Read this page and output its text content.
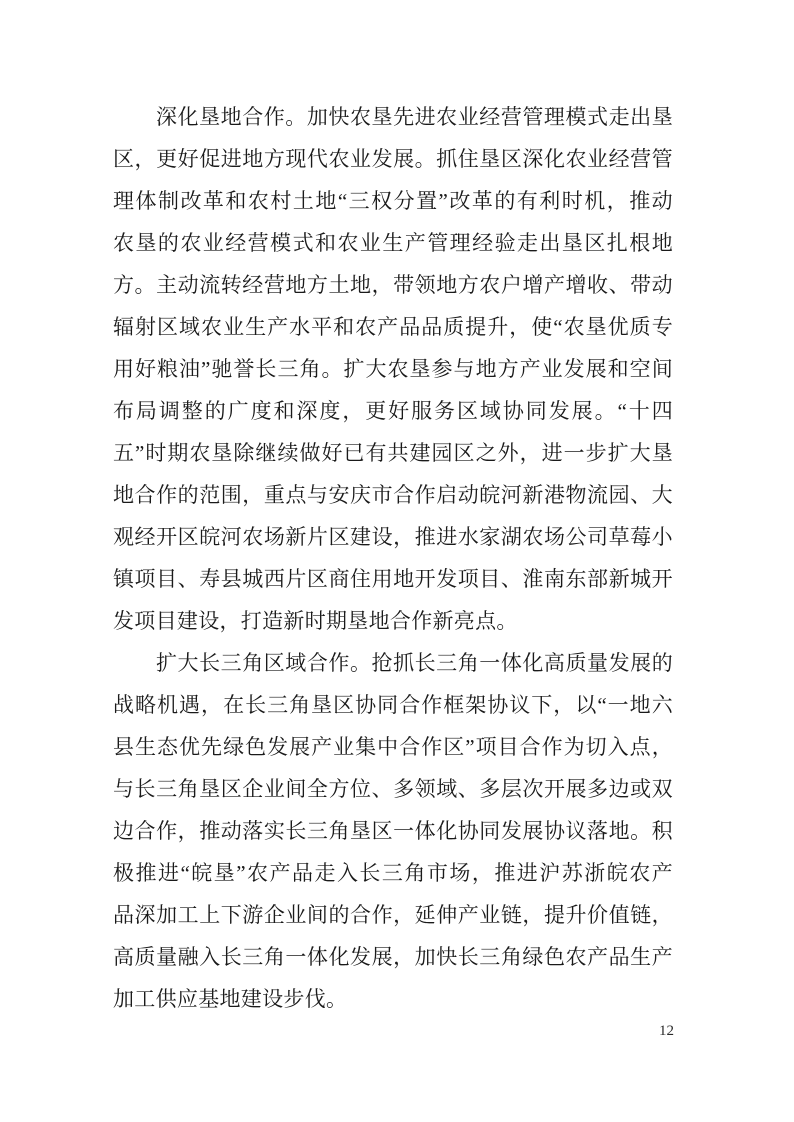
深化垦地合作。加快农垦先进农业经营管理模式走出垦
区，更好促进地方现代农业发展。抓住垦区深化农业经营管
理体制改革和农村土地“三权分置”改革的有利时机，推动
农垦的农业经营模式和农业生产管理经验走出垦区扎根地
方。主动流转经营地方土地，带领地方农户增产增收、带动
辐射区域农业生产水平和农产品品质提升，使“农垦优质专
用好粮油”驰誉长三角。扩大农垦参与地方产业发展和空间
布局调整的广度和深度，更好服务区域协同发展。“十四
五”时期农垦除继续做好已有共建园区之外，进一步扩大垦
地合作的范围，重点与安庆市合作启动皖河新港物流园、大
观经开区皖河农场新片区建设，推进水家湖农场公司草莓小
镇项目、寿县城西片区商住用地开发项目、淮南东部新城开
发项目建设，打造新时期垦地合作新亮点。
扩大长三角区域合作。抢抓长三角一体化高质量发展的
战略机遇，在长三角垦区协同合作框架协议下，以“一地六
县生态优先绿色发展产业集中合作区”项目合作为切入点，
与长三角垦区企业间全方位、多领域、多层次开展多边或双
边合作，推动落实长三角垦区一体化协同发展协议落地。积
极推进“皖垦”农产品走入长三角市场，推进沪苏浙皖农产
品深加工上下游企业间的合作，延伸产业链，提升价值链，
高质量融入长三角一体化发展，加快长三角绿色农产品生产
加工供应基地建设步伐。
12
